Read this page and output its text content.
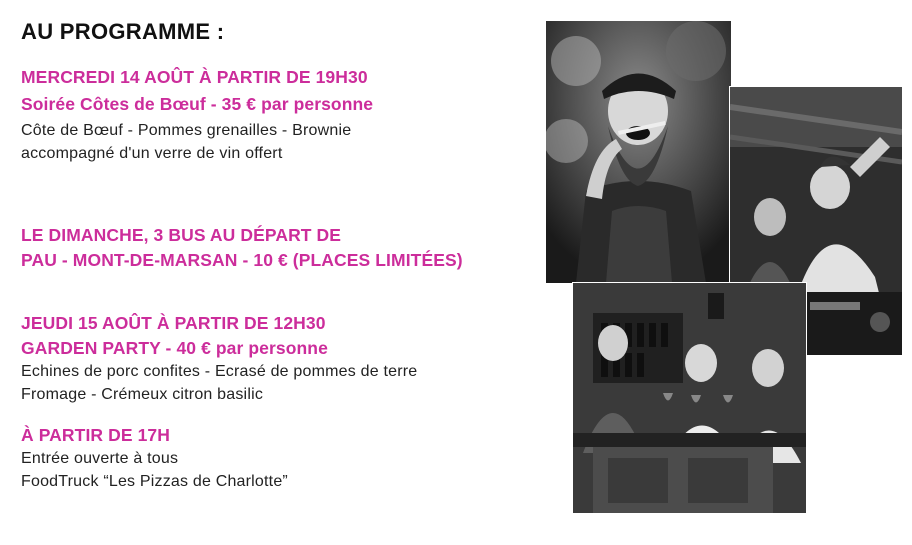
AU PROGRAMME :
MERCREDI 14 AOÛT À PARTIR DE 19H30
Soirée Côtes de Bœuf - 35 € par personne
Côte de Bœuf - Pommes grenailles - Brownie
accompagné d'un verre de vin offert
LE DIMANCHE, 3 BUS AU DÉPART DE
PAU - MONT-DE-MARSAN - 10 € (PLACES LIMITÉES)
JEUDI 15 AOÛT À PARTIR DE 12H30
GARDEN PARTY - 40 € par personne
Echines de porc confites - Ecrasé de pommes de terre
Fromage - Crémeux citron basilic
À PARTIR DE 17H
Entrée ouverte à tous
FoodTruck “Les Pizzas de Charlotte”
